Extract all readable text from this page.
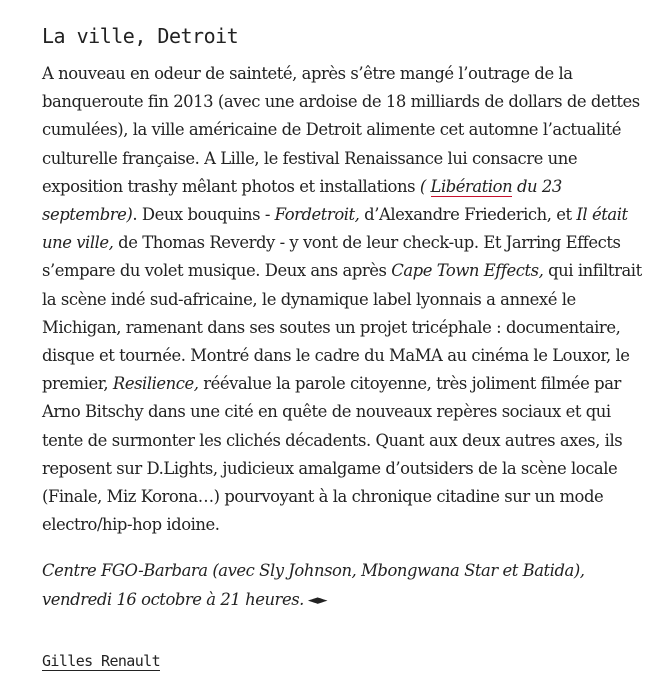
La ville, Detroit

A nouveau en odeur de sainteté, après s’être mangé l’outrage de la banqueroute fin 2013 (avec une ardoise de 18 milliards de dollars de dettes cumulées), la ville américaine de Detroit alimente cet automne l’actualité culturelle française. A Lille, le festival Renaissance lui consacre une exposition trashy mêlant photos et installations ( Libération du 23 septembre). Deux bouquins - Fordetroit, d’Alexandre Friederich, et Il était une ville, de Thomas Reverdy - y vont de leur check-up. Et Jarring Effects s’empare du volet musique. Deux ans après Cape Town Effects, qui infiltrait la scène indé sud-africaine, le dynamique label lyonnais a annexé le Michigan, ramenant dans ses soutes un projet tricéphale : documentaire, disque et tournée. Montré dans le cadre du MaMA au cinéma le Louxor, le premier, Resilience, réévalue la parole citoyenne, très joliment filmée par Arno Bitschy dans une cité en quête de nouveaux repères sociaux et qui tente de surmonter les clichés décadents. Quant aux deux autres axes, ils reposent sur D.Lights, judicieux amalgame d’outsiders de la scène locale (Finale, Miz Korona…) pourvoyant à la chronique citadine sur un mode electro/hip-hop idoine.

Centre FGO-Barbara (avec Sly Johnson, Mbongwana Star et Batida), vendredi 16 octobre à 21 heures. ◄►

Gilles Renault
